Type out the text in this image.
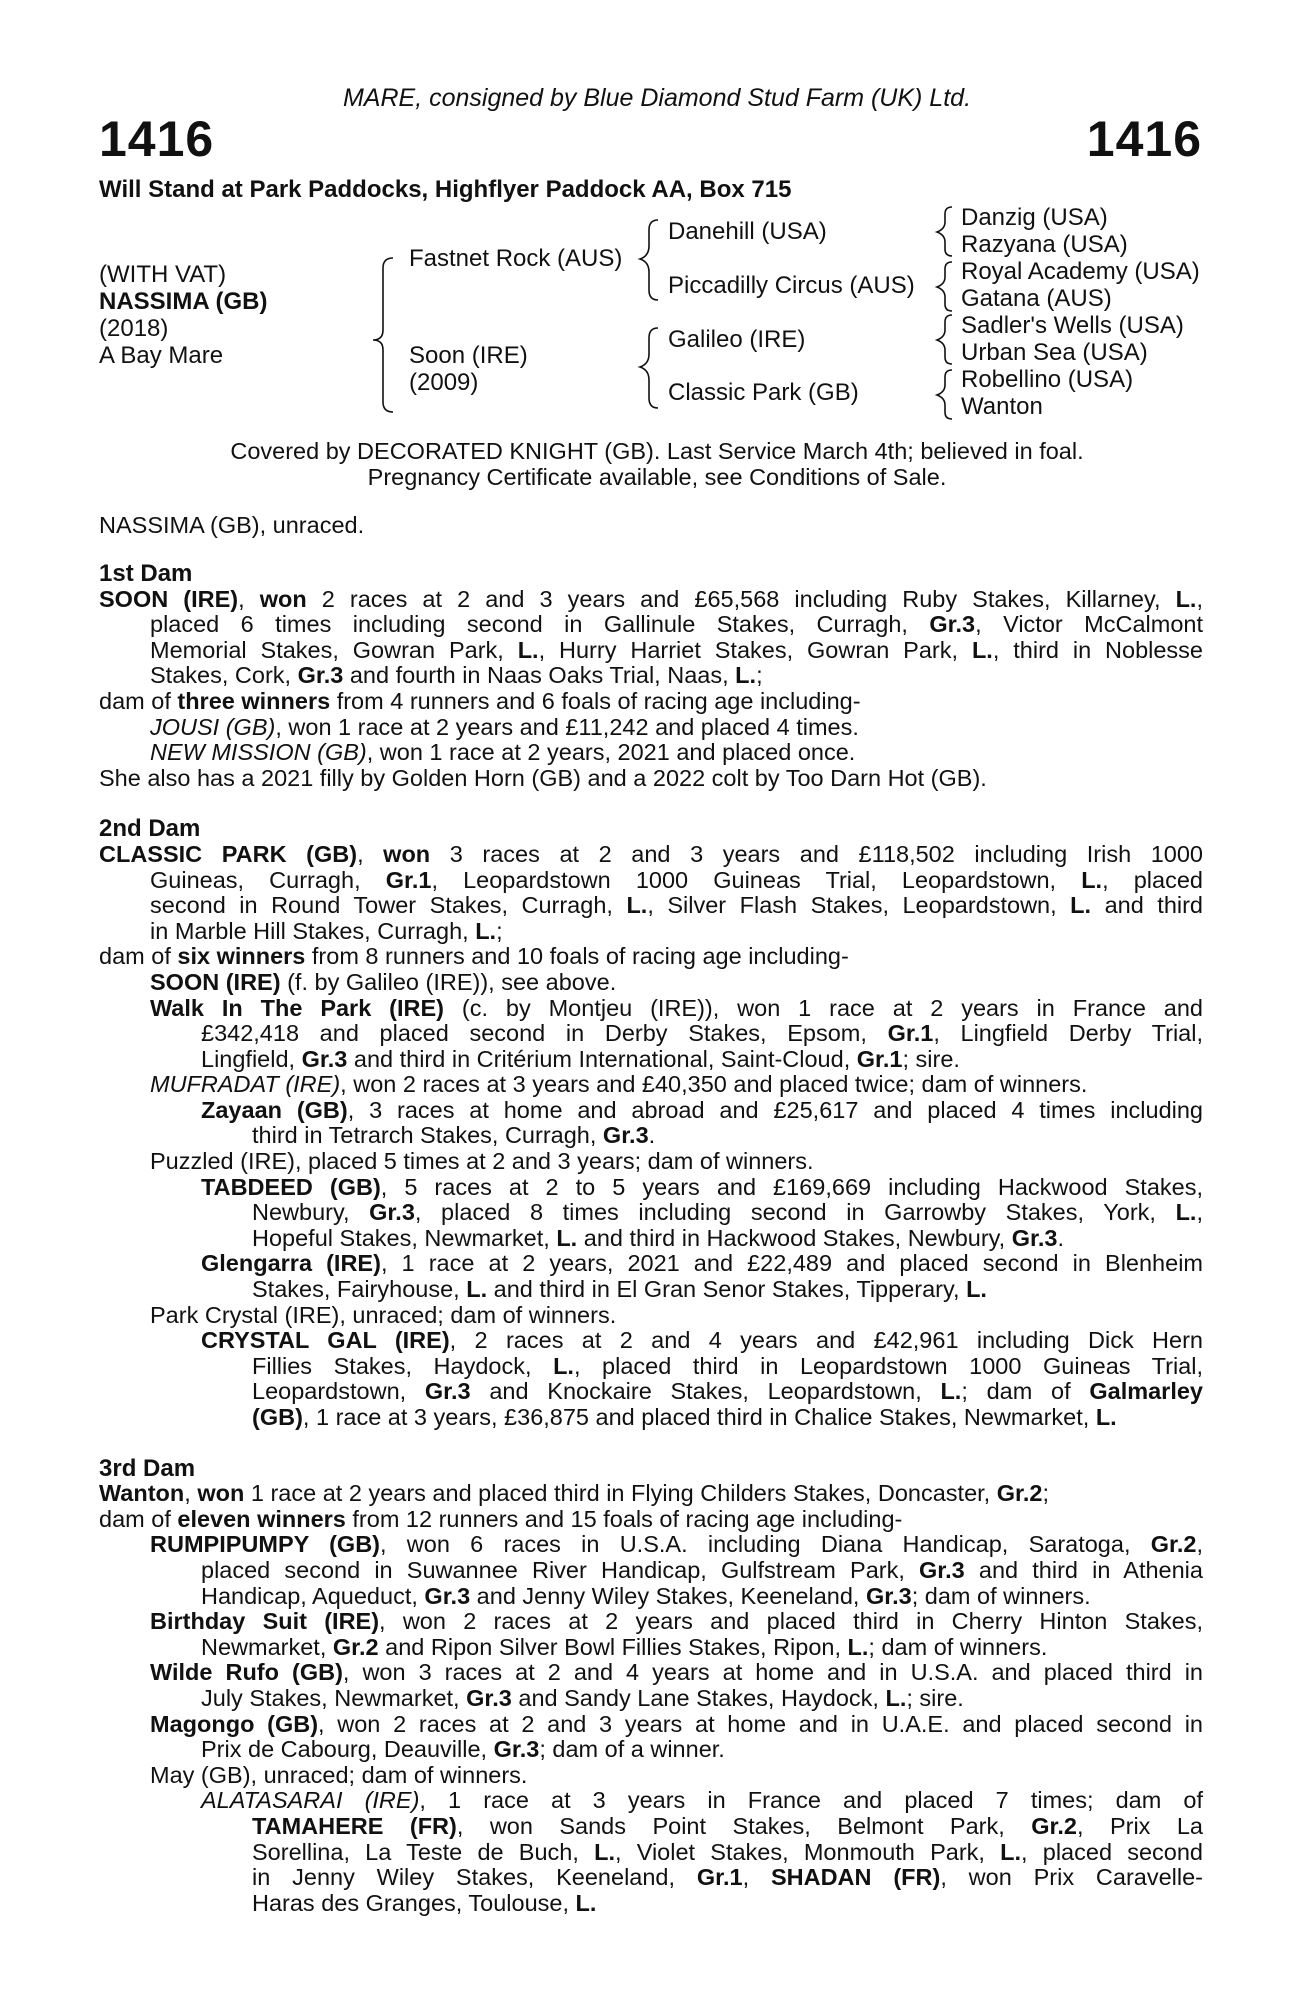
MARE, consigned by Blue Diamond Stud Farm (UK) Ltd.
1416	1416
Will Stand at Park Paddocks, Highflyer Paddock AA, Box 715
(WITH VAT)
NASSIMA (GB)
(2018)
A Bay Mare
Fastnet Rock (AUS)
Soon (IRE)
(2009)
Danehill (USA)
Piccadilly Circus (AUS)
Galileo (IRE)
Classic Park (GB)
Danzig (USA)
Razyana (USA)
Royal Academy (USA)
Gatana (AUS)
Sadler's Wells (USA)
Urban Sea (USA)
Robellino (USA)
Wanton
Covered by DECORATED KNIGHT (GB). Last Service March 4th; believed in foal.
Pregnancy Certificate available, see Conditions of Sale.
NASSIMA (GB), unraced.
1st Dam
SOON (IRE), won 2 races at 2 and 3 years and £65,568 including Ruby Stakes, Killarney, L.,
placed 6 times including second in Gallinule Stakes, Curragh, Gr.3, Victor McCalmont
Memorial Stakes, Gowran Park, L., Hurry Harriet Stakes, Gowran Park, L., third in Noblesse
Stakes, Cork, Gr.3 and fourth in Naas Oaks Trial, Naas, L.;
dam of three winners from 4 runners and 6 foals of racing age including-
JOUSI (GB), won 1 race at 2 years and £11,242 and placed 4 times.
NEW MISSION (GB), won 1 race at 2 years, 2021 and placed once.
She also has a 2021 filly by Golden Horn (GB) and a 2022 colt by Too Darn Hot (GB).
2nd Dam
CLASSIC PARK (GB), won 3 races at 2 and 3 years and £118,502 including Irish 1000
Guineas, Curragh, Gr.1, Leopardstown 1000 Guineas Trial, Leopardstown, L., placed
second in Round Tower Stakes, Curragh, L., Silver Flash Stakes, Leopardstown, L. and third
in Marble Hill Stakes, Curragh, L.;
dam of six winners from 8 runners and 10 foals of racing age including-
SOON (IRE) (f. by Galileo (IRE)), see above.
Walk In The Park (IRE) (c. by Montjeu (IRE)), won 1 race at 2 years in France and
£342,418 and placed second in Derby Stakes, Epsom, Gr.1, Lingfield Derby Trial,
Lingfield, Gr.3 and third in Critérium International, Saint-Cloud, Gr.1; sire.
MUFRADAT (IRE), won 2 races at 3 years and £40,350 and placed twice; dam of winners.
Zayaan (GB), 3 races at home and abroad and £25,617 and placed 4 times including
third in Tetrarch Stakes, Curragh, Gr.3.
Puzzled (IRE), placed 5 times at 2 and 3 years; dam of winners.
TABDEED (GB), 5 races at 2 to 5 years and £169,669 including Hackwood Stakes,
Newbury, Gr.3, placed 8 times including second in Garrowby Stakes, York, L.,
Hopeful Stakes, Newmarket, L. and third in Hackwood Stakes, Newbury, Gr.3.
Glengarra (IRE), 1 race at 2 years, 2021 and £22,489 and placed second in Blenheim
Stakes, Fairyhouse, L. and third in El Gran Senor Stakes, Tipperary, L.
Park Crystal (IRE), unraced; dam of winners.
CRYSTAL GAL (IRE), 2 races at 2 and 4 years and £42,961 including Dick Hern
Fillies Stakes, Haydock, L., placed third in Leopardstown 1000 Guineas Trial,
Leopardstown, Gr.3 and Knockaire Stakes, Leopardstown, L.; dam of Galmarley
(GB), 1 race at 3 years, £36,875 and placed third in Chalice Stakes, Newmarket, L.
3rd Dam
Wanton, won 1 race at 2 years and placed third in Flying Childers Stakes, Doncaster, Gr.2;
dam of eleven winners from 12 runners and 15 foals of racing age including-
RUMPIPUMPY (GB), won 6 races in U.S.A. including Diana Handicap, Saratoga, Gr.2,
placed second in Suwannee River Handicap, Gulfstream Park, Gr.3 and third in Athenia
Handicap, Aqueduct, Gr.3 and Jenny Wiley Stakes, Keeneland, Gr.3; dam of winners.
Birthday Suit (IRE), won 2 races at 2 years and placed third in Cherry Hinton Stakes,
Newmarket, Gr.2 and Ripon Silver Bowl Fillies Stakes, Ripon, L.; dam of winners.
Wilde Rufo (GB), won 3 races at 2 and 4 years at home and in U.S.A. and placed third in
July Stakes, Newmarket, Gr.3 and Sandy Lane Stakes, Haydock, L.; sire.
Magongo (GB), won 2 races at 2 and 3 years at home and in U.A.E. and placed second in
Prix de Cabourg, Deauville, Gr.3; dam of a winner.
May (GB), unraced; dam of winners.
ALATASARAI (IRE), 1 race at 3 years in France and placed 7 times; dam of
TAMAHERE (FR), won Sands Point Stakes, Belmont Park, Gr.2, Prix La
Sorellina, La Teste de Buch, L., Violet Stakes, Monmouth Park, L., placed second
in Jenny Wiley Stakes, Keeneland, Gr.1, SHADAN (FR), won Prix Caravelle-
Haras des Granges, Toulouse, L.
